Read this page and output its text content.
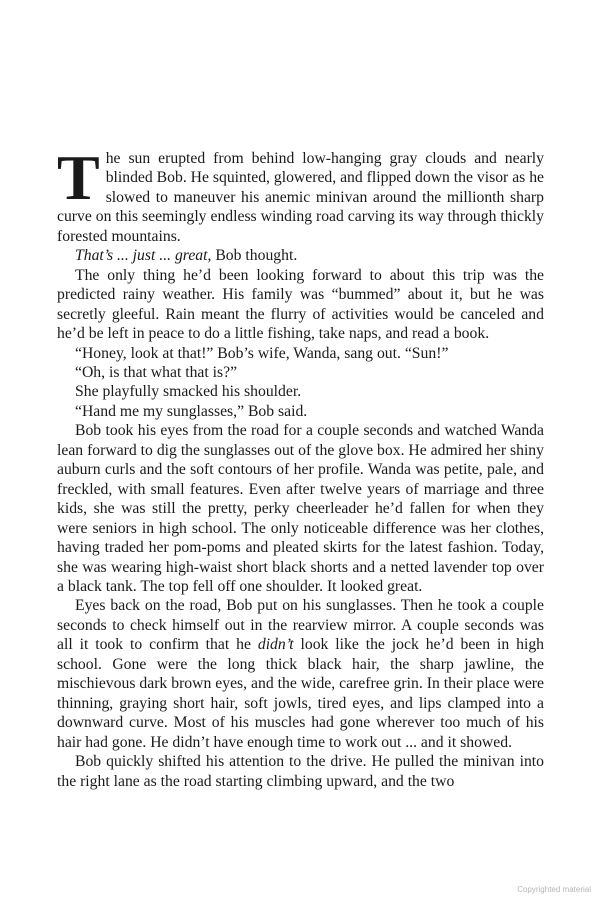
The sun erupted from behind low-hanging gray clouds and nearly blinded Bob. He squinted, glowered, and flipped down the visor as he slowed to maneuver his anemic minivan around the millionth sharp curve on this seemingly endless winding road carving its way through thickly forested mountains.

That’s ... just ... great, Bob thought.

The only thing he’d been looking forward to about this trip was the predicted rainy weather. His family was “bummed” about it, but he was secretly gleeful. Rain meant the flurry of activities would be canceled and he’d be left in peace to do a little fishing, take naps, and read a book.

“Honey, look at that!” Bob’s wife, Wanda, sang out. “Sun!”

“Oh, is that what that is?”

She playfully smacked his shoulder.

“Hand me my sunglasses,” Bob said.

Bob took his eyes from the road for a couple seconds and watched Wanda lean forward to dig the sunglasses out of the glove box. He admired her shiny auburn curls and the soft contours of her profile. Wanda was petite, pale, and freckled, with small features. Even after twelve years of marriage and three kids, she was still the pretty, perky cheerleader he’d fallen for when they were seniors in high school. The only noticeable difference was her clothes, having traded her pom-poms and pleated skirts for the latest fashion. Today, she was wearing high-waist short black shorts and a netted lavender top over a black tank. The top fell off one shoulder. It looked great.

Eyes back on the road, Bob put on his sunglasses. Then he took a couple seconds to check himself out in the rearview mirror. A couple seconds was all it took to confirm that he didn’t look like the jock he’d been in high school. Gone were the long thick black hair, the sharp jawline, the mischievous dark brown eyes, and the wide, carefree grin. In their place were thinning, graying short hair, soft jowls, tired eyes, and lips clamped into a downward curve. Most of his muscles had gone wherever too much of his hair had gone. He didn’t have enough time to work out ... and it showed.

Bob quickly shifted his attention to the drive. He pulled the minivan into the right lane as the road starting climbing upward, and the two

Copyrighted material
